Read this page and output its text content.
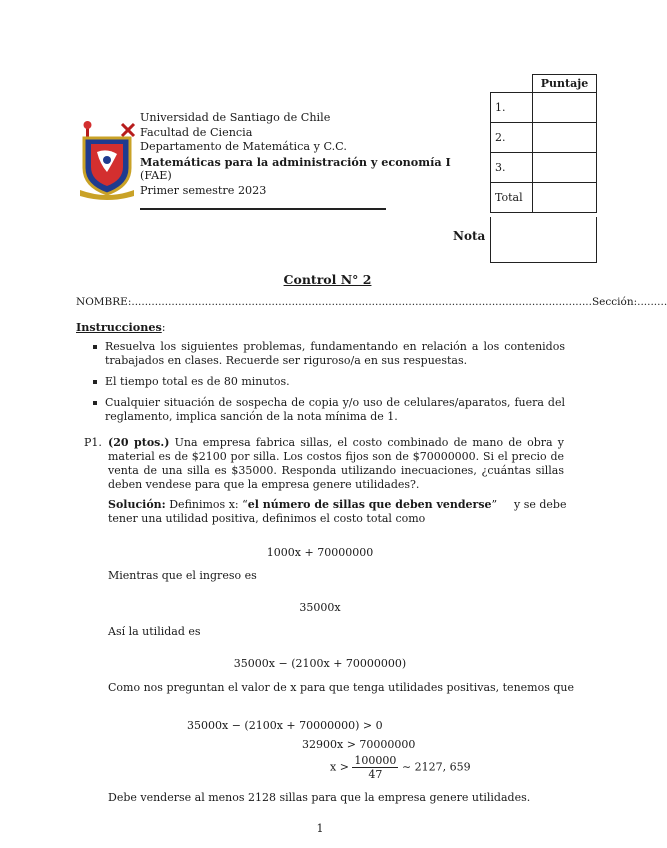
Universidad de Santiago de Chile
Facultad de Ciencia
Departamento de Matemática y C.C.
Matemáticas para la administración y economía I
(FAE)
Primer semestre 2023
	Puntaje
1.	
2.	
3.	
Total	
Nota
Control N° 2
NOMBRE:..........................................................................................................................................Sección:.........
Instrucciones:
Resuelva los siguientes problemas, fundamentando en relación a los contenidos trabajados en clases. Recuerde ser riguroso/a en sus respuestas.
El tiempo total es de 80 minutos.
Cualquier situación de sospecha de copia y/o uso de celulares/aparatos, fuera del reglamento, implica sanción de la nota mínima de 1.
P1. (20 ptos.) Una empresa fabrica sillas, el costo combinado de mano de obra y material es de $2100 por silla. Los costos fijos son de $70000000. Si el precio de venta de una silla es $35000. Responda utilizando inecuaciones, ¿cuántas sillas deben vendese para que la empresa genere utilidades?.
Solución: Definimos x: “el número de sillas que deben venderse”	y se debe
tener una utilidad positiva, definimos el costo total como
1000x + 70000000
Mientras que el ingreso es
35000x
Así la utilidad es
35000x − (2100x + 70000000)
Como nos preguntan el valor de x para que tenga utilidades positivas, tenemos que
35000x − (2100x + 70000000) > 0
32900x > 70000000
$x > \frac{100000}{47}$ ∼ 2127, 659
Debe venderse al menos 2128 sillas para que la empresa genere utilidades.
1
